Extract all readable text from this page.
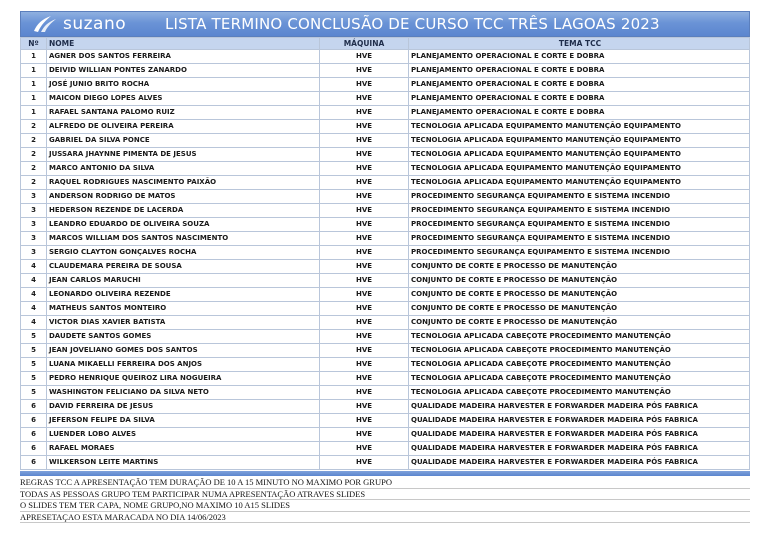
suzano	LISTA TERMINO CONCLUSÃO DE CURSO TCC TRÊS LAGOAS 2023
Nº	NOME	MÁQUINA	TEMA TCC
1	AGNER DOS SANTOS FERREIRA	HVE	PLANEJAMENTO OPERACIONAL E CORTE E DOBRA
1	DEIVID WILLIAN PONTES ZANARDO	HVE	PLANEJAMENTO OPERACIONAL E CORTE E DOBRA
1	JOSÉ JUNIO BRITO ROCHA	HVE	PLANEJAMENTO OPERACIONAL E CORTE E DOBRA
1	MAICON DIEGO LOPES ALVES	HVE	PLANEJAMENTO OPERACIONAL E CORTE E DOBRA
1	RAFAEL SANTANA PALOMO RUIZ	HVE	PLANEJAMENTO OPERACIONAL E CORTE E DOBRA
2	ALFREDO DE OLIVEIRA PEREIRA	HVE	TECNOLOGIA APLICADA EQUIPAMENTO MANUTENÇÃO EQUIPAMENTO
2	GABRIEL DA SILVA PONCE	HVE	TECNOLOGIA APLICADA EQUIPAMENTO MANUTENÇÃO EQUIPAMENTO
2	JUSSARA JHAYNNE PIMENTA DE JESUS	HVE	TECNOLOGIA APLICADA EQUIPAMENTO MANUTENÇÃO EQUIPAMENTO
2	MARCO ANTONIO DA SILVA	HVE	TECNOLOGIA APLICADA EQUIPAMENTO MANUTENÇÃO EQUIPAMENTO
2	RAQUEL RODRIGUES NASCIMENTO PAIXÃO	HVE	TECNOLOGIA APLICADA EQUIPAMENTO MANUTENÇÃO EQUIPAMENTO
3	ANDERSON RODRIGO DE MATOS	HVE	PROCEDIMENTO SEGURANÇA EQUIPAMENTO E SISTEMA INCENDIO
3	HEDERSON REZENDE DE LACERDA	HVE	PROCEDIMENTO SEGURANÇA EQUIPAMENTO E SISTEMA INCENDIO
3	LEANDRO EDUARDO DE OLIVEIRA SOUZA	HVE	PROCEDIMENTO SEGURANÇA EQUIPAMENTO E SISTEMA INCENDIO
3	MARCOS WILLIAM DOS SANTOS NASCIMENTO	HVE	PROCEDIMENTO SEGURANÇA EQUIPAMENTO E SISTEMA INCENDIO
3	SERGIO CLAYTON GONÇALVES ROCHA	HVE	PROCEDIMENTO SEGURANÇA EQUIPAMENTO E SISTEMA INCENDIO
4	CLAUDEMARA PEREIRA DE SOUSA	HVE	CONJUNTO DE CORTE E PROCESSO DE MANUTENÇÃO
4	JEAN CARLOS MARUCHI	HVE	CONJUNTO DE CORTE E PROCESSO DE MANUTENÇÃO
4	LEONARDO OLIVEIRA REZENDE	HVE	CONJUNTO DE CORTE E PROCESSO DE MANUTENÇÃO
4	MATHEUS SANTOS MONTEIRO	HVE	CONJUNTO DE CORTE E PROCESSO DE MANUTENÇÃO
4	VICTOR DIAS XAVIER BATISTA	HVE	CONJUNTO DE CORTE E PROCESSO DE MANUTENÇÃO
5	DAUDETE SANTOS GOMES	HVE	TECNOLOGIA APLICADA CABEÇOTE PROCEDIMENTO MANUTENÇÃO
5	JEAN JOVELIANO GOMES DOS SANTOS	HVE	TECNOLOGIA APLICADA CABEÇOTE PROCEDIMENTO MANUTENÇÃO
5	LUANA MIKAELLI FERREIRA DOS ANJOS	HVE	TECNOLOGIA APLICADA CABEÇOTE PROCEDIMENTO MANUTENÇÃO
5	PEDRO HENRIQUE QUEIROZ LIRA NOGUEIRA	HVE	TECNOLOGIA APLICADA CABEÇOTE PROCEDIMENTO MANUTENÇÃO
5	WASHINGTON FELICIANO DA SILVA NETO	HVE	TECNOLOGIA APLICADA CABEÇOTE PROCEDIMENTO MANUTENÇÃO
6	DAVID FERREIRA DE JESUS	HVE	QUALIDADE MADEIRA HARVESTER E FORWARDER MADEIRA PÓS FABRICA
6	JEFERSON FELIPE DA SILVA	HVE	QUALIDADE MADEIRA HARVESTER E FORWARDER MADEIRA PÓS FABRICA
6	LUENDER LOBO ALVES	HVE	QUALIDADE MADEIRA HARVESTER E FORWARDER MADEIRA PÓS FABRICA
6	RAFAEL MORAES	HVE	QUALIDADE MADEIRA HARVESTER E FORWARDER MADEIRA PÓS FABRICA
6	WILKERSON LEITE MARTINS	HVE	QUALIDADE MADEIRA HARVESTER E FORWARDER MADEIRA PÓS FABRICA
REGRAS TCC A APRESENTAÇÃO TEM DURAÇÃO DE 10 A 15 MINUTO NO MAXIMO POR GRUPO
TODAS AS PESSOAS GRUPO TEM PARTICIPAR NUMA APRESENTAÇÃO ATRAVES SLIDES
O SLIDES TEM TER CAPA, NOME GRUPO,NO MAXIMO 10 A15 SLIDES
APRESETAÇAO ESTA MARACADA NO DIA 14/06/2023
